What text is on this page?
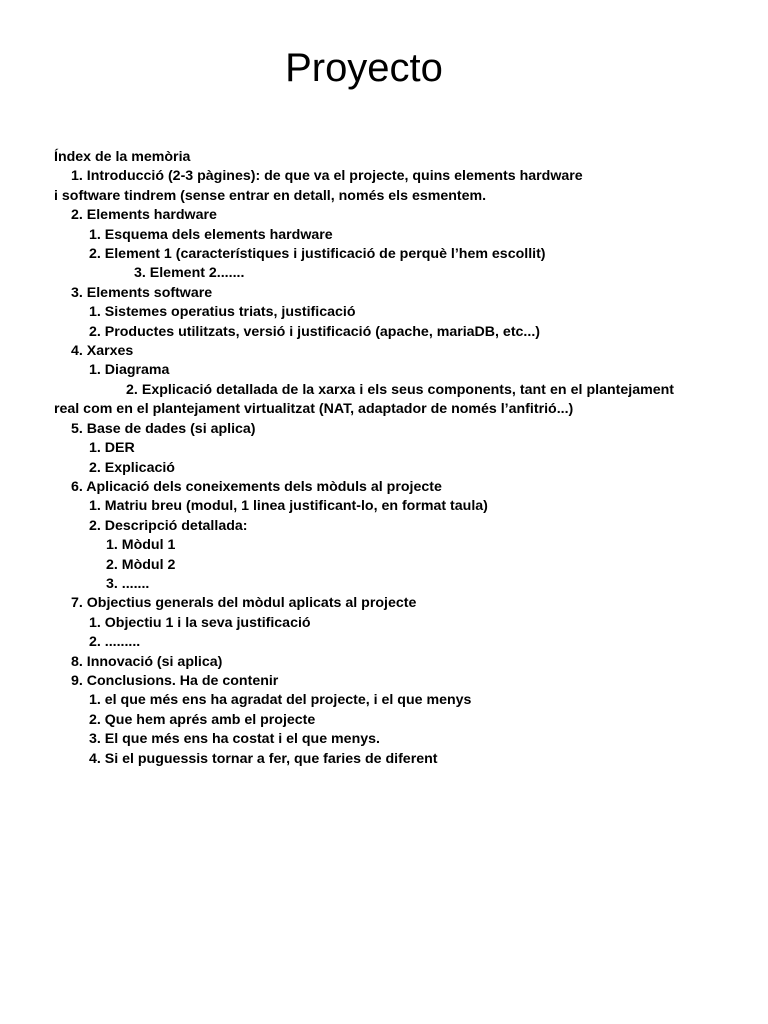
Proyecto
Índex de la memòria
1. Introducció (2-3 pàgines): de que va el projecte, quins elements hardware
i software tindrem (sense entrar en detall, només els esmentem.
2. Elements hardware
1. Esquema dels elements hardware
2. Element 1 (característiques i justificació de perquè l’hem escollit)
3. Element 2.......
3. Elements software
1. Sistemes operatius triats, justificació
2. Productes utilitzats, versió i justificació (apache, mariaDB, etc...)
4. Xarxes
1. Diagrama
2. Explicació detallada de la xarxa i els seus components, tant en el plantejament real com en el plantejament virtualitzat (NAT, adaptador de només l’anfitrió...)
5. Base de dades (si aplica)
1. DER
2. Explicació
6. Aplicació dels coneixements dels mòduls al projecte
1. Matriu breu (modul, 1 linea justificant-lo, en format taula)
2. Descripció detallada:
1. Mòdul 1
2. Mòdul 2
3. .......
7. Objectius generals del mòdul aplicats al projecte
1. Objectiu 1 i la seva justificació
2. .........
8. Innovació (si aplica)
9. Conclusions. Ha de contenir
1. el que més ens ha agradat del projecte, i el que menys
2. Que hem aprés amb el projecte
3. El que més ens ha costat i el que menys.
4. Si el puguessis tornar a fer, que faries de diferent
